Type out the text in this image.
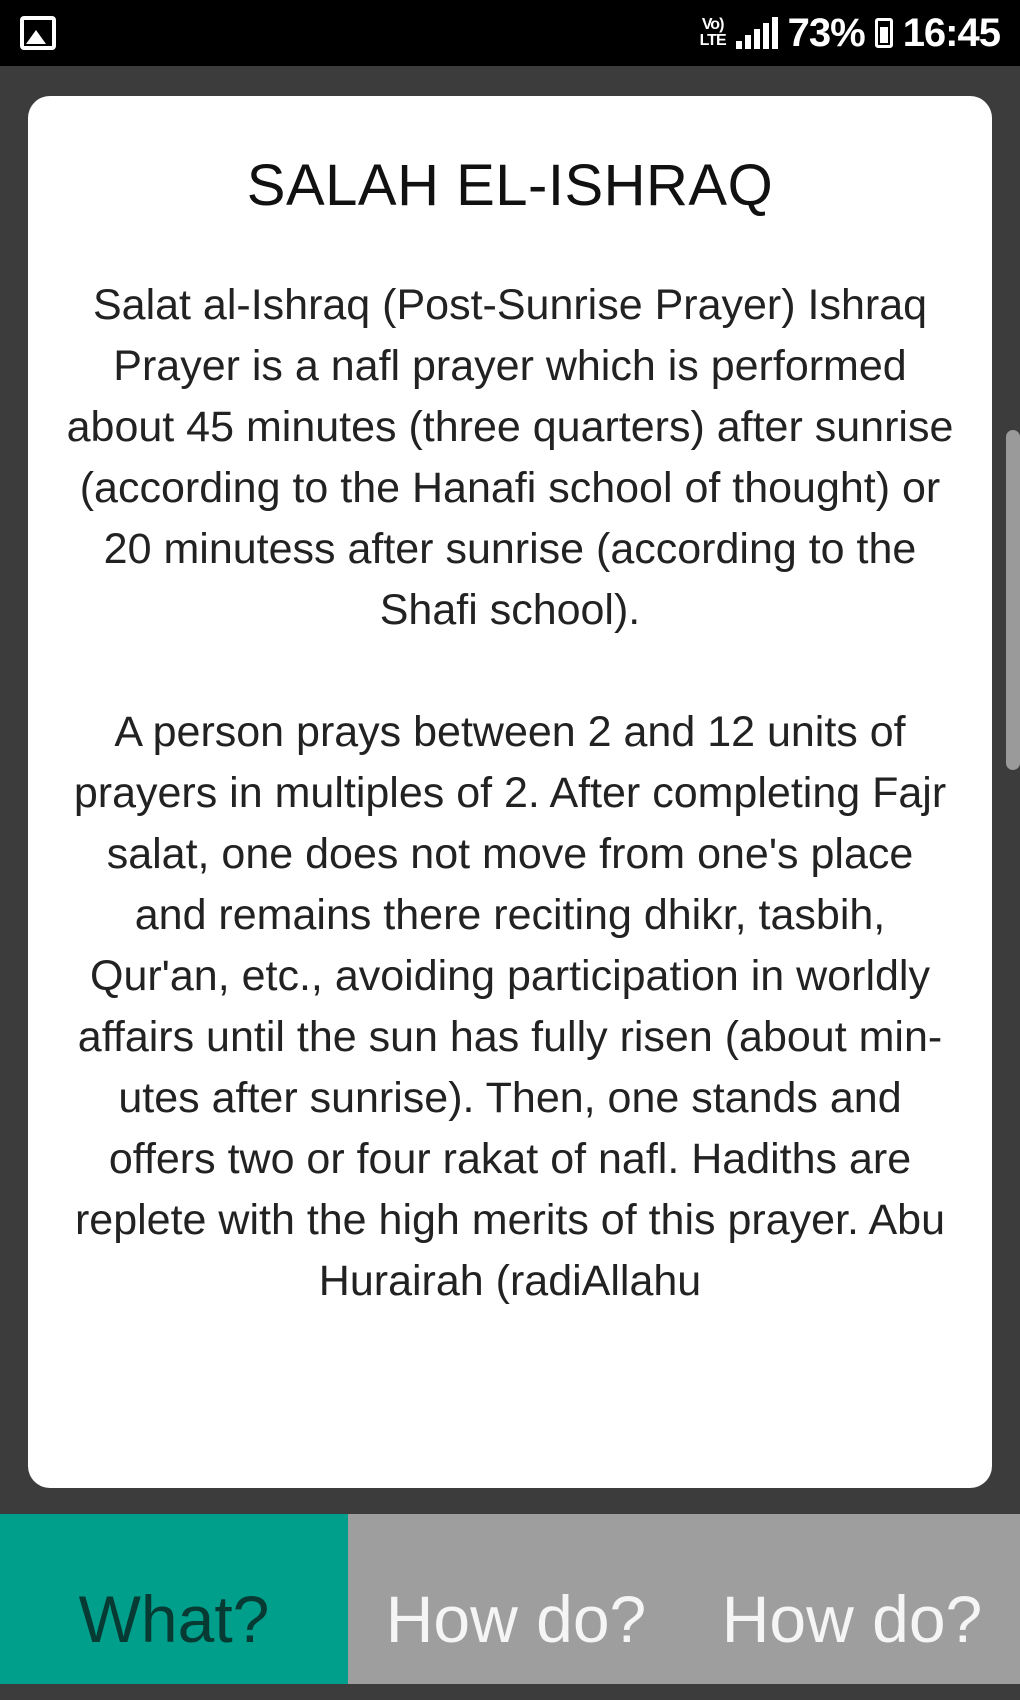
Vo)
LTE 73% 16:45
SALAH EL-ISHRAQ

Salat al-Ishraq (Post-Sunrise Prayer) Ishraq Prayer is a nafl prayer which is performed about 45 minutes (three quarters) after sunrise (according to the Hanafi school of thought) or 20 minutess after sunrise (according to the Shafi school).

A person prays between 2 and 12 units of prayers in multiples of 2. After completing Fajr salat, one does not move from one's place and remains there reciting dhikr, tasbih, Qur'an, etc., avoiding participation in worldly affairs until the sun has fully risen (about min-utes after sunrise). Then, one stands and offers two or four rakat of nafl. Hadiths are replete with the high merits of this prayer. Abu Hurairah (radiAllahu

What?	How do?	How do?
